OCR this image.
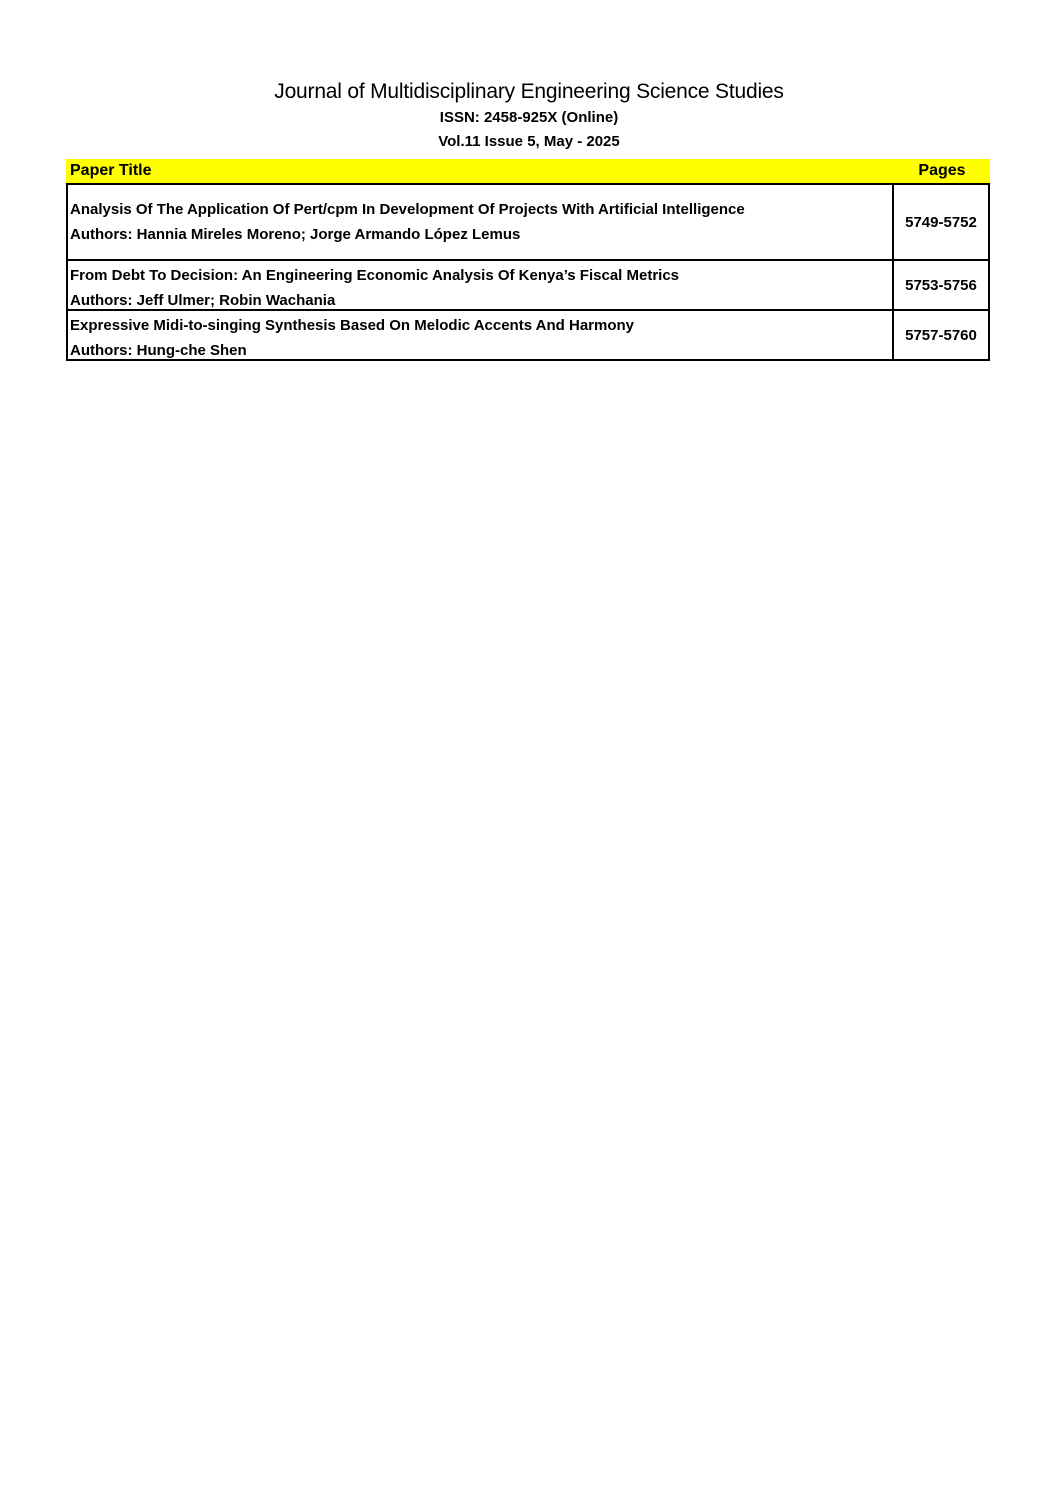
Journal of Multidisciplinary Engineering Science Studies

ISSN: 2458-925X (Online)

Vol.11 Issue 5, May - 2025

Paper Title	Pages
Analysis Of The Application Of Pert/cpm In Development Of Projects With Artificial Intelligence
Authors: Hannia Mireles Moreno; Jorge Armando López Lemus
5749-5752
From Debt To Decision: An Engineering Economic Analysis Of Kenya’s Fiscal Metrics
Authors: Jeff Ulmer; Robin Wachania
5753-5756
Expressive Midi-to-singing Synthesis Based On Melodic Accents And Harmony
Authors: Hung-che Shen
5757-5760
